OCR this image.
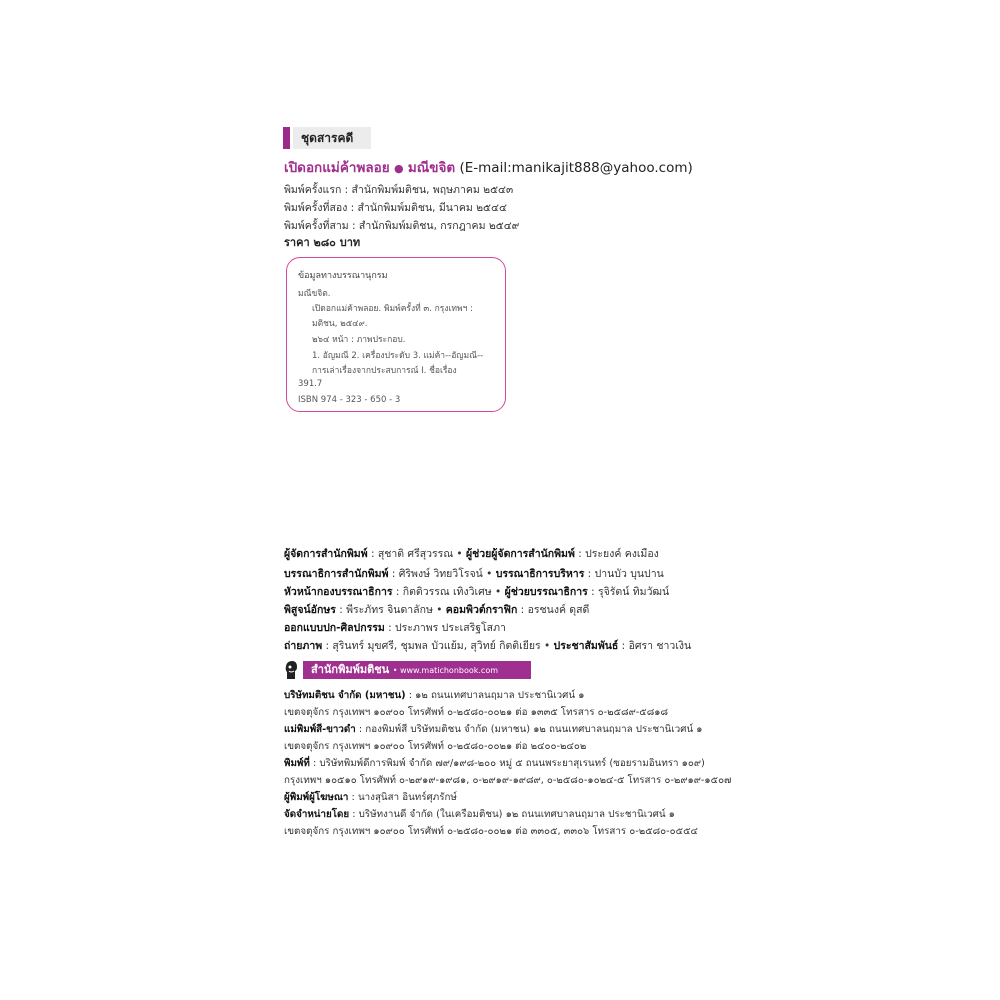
ชุดสารคดี
เปิดอกแม่ค้าพลอย ● มณีขจิต (E-mail:manikajit888@yahoo.com)
พิมพ์ครั้งแรก : สำนักพิมพ์มติชน, พฤษภาคม ๒๕๔๓
พิมพ์ครั้งที่สอง : สำนักพิมพ์มติชน, มีนาคม ๒๕๔๔
พิมพ์ครั้งที่สาม : สำนักพิมพ์มติชน, กรกฎาคม ๒๕๔๙
ราคา ๒๘๐ บาท
ข้อมูลทางบรรณานุกรม
มณีขจิต.
เปิดอกแม่ค้าพลอย. พิมพ์ครั้งที่ ๓. กรุงเทพฯ :
มติชน, ๒๕๔๙.
๒๖๔ หน้า : ภาพประกอบ.
1. อัญมณี 2. เครื่องประดับ 3. แม่ค้า--อัญมณี--
การเล่าเรื่องจากประสบการณ์ I. ชื่อเรื่อง
391.7
ISBN 974 - 323 - 650 - 3
ผู้จัดการสำนักพิมพ์ : สุชาติ ศรีสุวรรณ • ผู้ช่วยผู้จัดการสำนักพิมพ์ : ประยงค์ คงเมือง
บรรณาธิการสำนักพิมพ์ : ศิริพงษ์ วิทยวิโรจน์ • บรรณาธิการบริหาร : ปานบัว บุนปาน
หัวหน้ากองบรรณาธิการ : กิตติวรรณ เทิงวิเศษ • ผู้ช่วยบรรณาธิการ : รุจิรัตน์ ทิมวัฒน์
พิสูจน์อักษร : พีระภัทร จินดาลักษ • คอมพิวต์กราฟิก : อรชนงค์ ดุสดี
ออกแบบปก-ศิลปกรรม : ประภาพร ประเสริฐโสภา
ถ่ายภาพ : สุรินทร์ มุขศรี, ชุมพล บัวแย้ม, สุวิทย์ กิตติเยียร • ประชาสัมพันธ์ : อิศรา ชาวเงิน
สำนักพิมพ์มติชน • www.matichonbook.com
บริษัทมติชน จำกัด (มหาชน) : ๑๒ ถนนเทศบาลนฤมาล ประชานิเวศน์ ๑
เขตจตุจักร กรุงเทพฯ ๑๐๙๐๐ โทรศัพท์ ๐-๒๕๘๐-๐๐๒๑ ต่อ ๑๓๓๕ โทรสาร ๐-๒๕๘๙-๕๘๑๘
แม่พิมพ์สี-ขาวดำ : กองพิมพ์สี บริษัทมติชน จำกัด (มหาชน) ๑๒ ถนนเทศบาลนฤมาล ประชานิเวศน์ ๑
เขตจตุจักร กรุงเทพฯ ๑๐๙๐๐ โทรศัพท์ ๐-๒๕๘๐-๐๐๒๑ ต่อ ๒๔๐๐-๒๔๐๒
พิมพ์ที่ : บริษัทพิมพ์ดีการพิมพ์ จำกัด ๗๙/๑๙๘-๒๐๐ หมู่ ๕ ถนนพระยาสุเรนทร์ (ซอยรามอินทรา ๑๐๙)
กรุงเทพฯ ๑๐๕๑๐ โทรศัพท์ ๐-๒๙๑๙-๑๙๘๑, ๐-๒๙๑๙-๑๙๘๙, ๐-๒๕๘๐-๑๐๒๔-๕ โทรสาร ๐-๒๙๑๙-๑๕๐๗
ผู้พิมพ์ผู้โฆษณา : นางสุนิสา อินทร์ศุภรักษ์
จัดจำหน่ายโดย : บริษัทงานดี จำกัด (ในเครือมติชน) ๑๒ ถนนเทศบาลนฤมาล ประชานิเวศน์ ๑
เขตจตุจักร กรุงเทพฯ ๑๐๙๐๐ โทรศัพท์ ๐-๒๕๘๐-๐๐๒๑ ต่อ ๓๓๐๕, ๓๓๐๖ โทรสาร ๐-๒๕๘๐-๐๕๕๔
